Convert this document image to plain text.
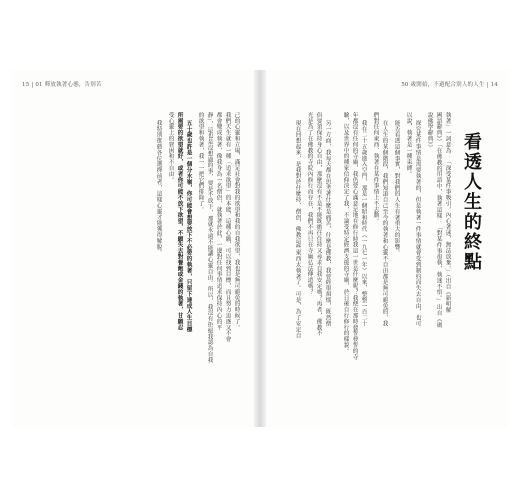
15 | 01 釋放執著心態，告別苦	50 歲開始，不過配合別人的人生 | 14
看透人生的終點
執著」一詞意為：「深受某件事吸引，內心著迷，無法放棄。」（出自《新明解
國語辭典》）「在佛教的用語中，執著這樣：「對某件事很執，執迷不悟。」出自《廣
說佛學辭典》）
探究某件事情是需要執著的，但是執著一件事情就會受到制約而失去自由，也可
以說，執著是一種束縛。
能否看透這個事實，對我們的人生有著重大的影響。
在人生的某個階段，我們知道自己至今的執著和心靈不自由都是無可避免的，我
們對任何東西、執著在某件事情上不去動。
我在二十五歲進入空門，那是一個昭和時代（一九七一年）以來，整整一百二十
年都沒有任何的寺廟，我仍要心滿意足地在修行時我這一世是什麼呢？我便在那時發誓發誓的寺
驗，以及世界中的種家信仰決定了我，不論受特定經濟支援的寺廟，於日後自行修行的樣貌。
另一方面，我每天都在思考著什麼是痛苦，什麼是佛教，我曾經很煩惱，既然僧
侶要須保持身心自由，那麼沒有不是不能既擔任住持又尋求自我安定嗎？再者，佛教不
光是為了在佛教的寺院內修行而存在，我們不再只在寺廟弘法傳道嗎？
現在回想起來，是我對於什麼持、僧侶，佛教這些東西太執著了。可是，為了安定自
己的心靈和立場，滿足社會對我的欲望和我的自我欲望，我也是無可避免的時候了。
我們天生就有一種「追求欲望」的本能，這種心願，可以找到目標，而且努力追逐又不會
都會變成執著，像我身為一名僧侶，就執著於此，一邊對任何事情追求保持內心的平
靜」，這也是沒想過的事，要是不放下，那就永遠不能讓心靈自由。所以，我沒有拒絕我認為自我
的欲望和執著，我一一把它們排除了。
五十歲也許是一個分水嶺，你可能會想要放下不必要的執著，只留下達成人生目標
所需要的欲望就好，或者你可能不放下欲望，不願失去對餐飽或金錢的執著，甘願忍
受心靈上的窘困和不自由。
我特別推薦各位選擇前者，這樣心靈才能獲得解脫。
